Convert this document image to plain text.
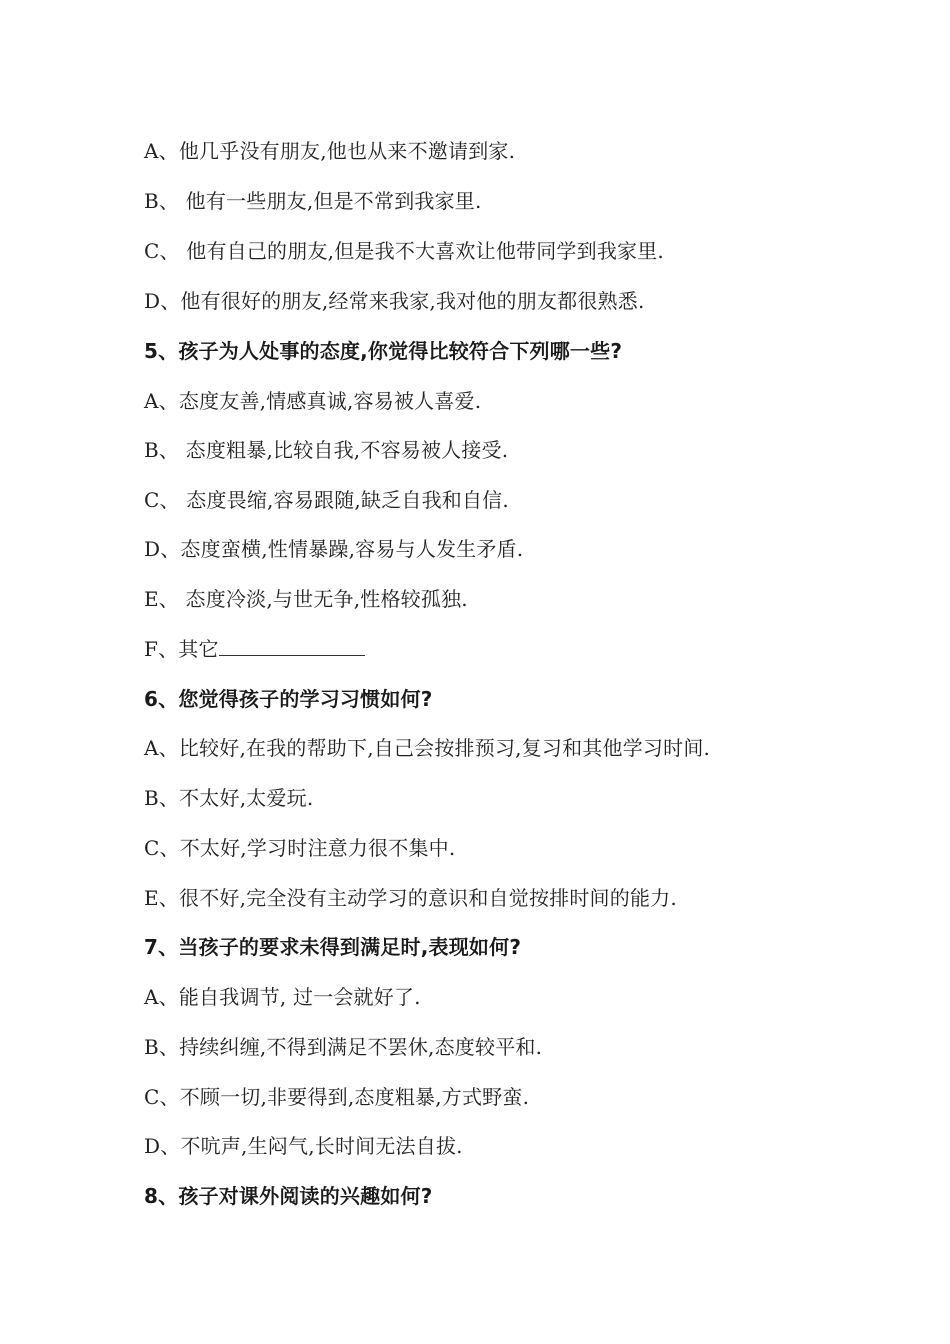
A、他几乎没有朋友,他也从来不邀请到家.
B、 他有一些朋友,但是不常到我家里.
C、 他有自己的朋友,但是我不大喜欢让他带同学到我家里.
D、他有很好的朋友,经常来我家,我对他的朋友都很熟悉.
5、孩子为人处事的态度,你觉得比较符合下列哪一些?
A、态度友善,情感真诚,容易被人喜爱.
B、 态度粗暴,比较自我,不容易被人接受.
C、 态度畏缩,容易跟随,缺乏自我和自信.
D、态度蛮横,性情暴躁,容易与人发生矛盾.
E、 态度冷淡,与世无争,性格较孤独.
F、其它
6、您觉得孩子的学习习惯如何?
A、比较好,在我的帮助下,自己会按排预习,复习和其他学习时间.
B、不太好,太爱玩.
C、不太好,学习时注意力很不集中.
E、很不好,完全没有主动学习的意识和自觉按排时间的能力.
7、当孩子的要求未得到满足时,表现如何?
A、能自我调节, 过一会就好了.
B、持续纠缠,不得到满足不罢休,态度较平和.
C、不顾一切,非要得到,态度粗暴,方式野蛮.
D、不吭声,生闷气,长时间无法自拔.
8、孩子对课外阅读的兴趣如何?
